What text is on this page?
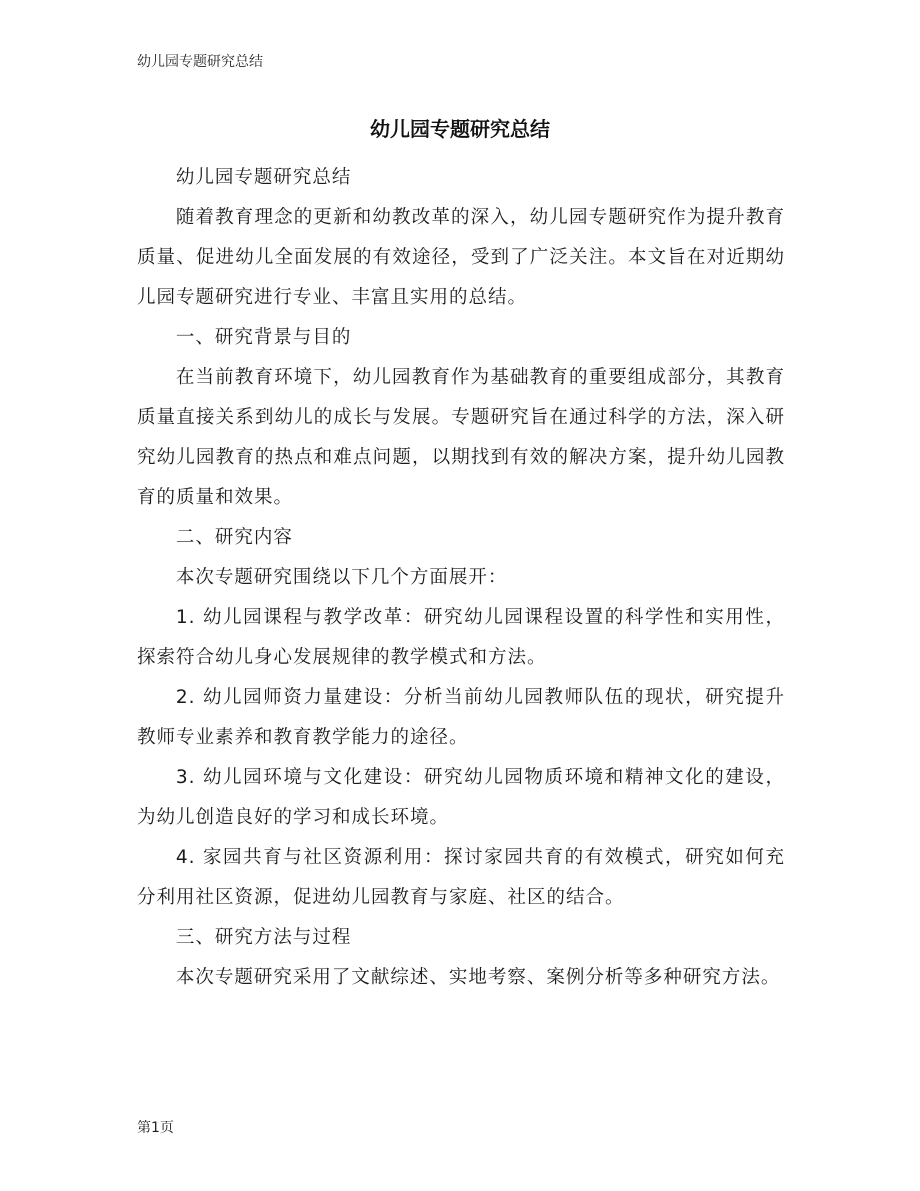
幼儿园专题研究总结
幼儿园专题研究总结

幼儿园专题研究总结

随着教育理念的更新和幼教改革的深入，幼儿园专题研究作为提升教育质量、促进幼儿全面发展的有效途径，受到了广泛关注。本文旨在对近期幼儿园专题研究进行专业、丰富且实用的总结。

一、研究背景与目的

在当前教育环境下，幼儿园教育作为基础教育的重要组成部分，其教育质量直接关系到幼儿的成长与发展。专题研究旨在通过科学的方法，深入研究幼儿园教育的热点和难点问题，以期找到有效的解决方案，提升幼儿园教育的质量和效果。

二、研究内容

本次专题研究围绕以下几个方面展开：

1. 幼儿园课程与教学改革：研究幼儿园课程设置的科学性和实用性，探索符合幼儿身心发展规律的教学模式和方法。

2. 幼儿园师资力量建设：分析当前幼儿园教师队伍的现状，研究提升教师专业素养和教育教学能力的途径。

3. 幼儿园环境与文化建设：研究幼儿园物质环境和精神文化的建设，为幼儿创造良好的学习和成长环境。

4. 家园共育与社区资源利用：探讨家园共育的有效模式，研究如何充分利用社区资源，促进幼儿园教育与家庭、社区的结合。

三、研究方法与过程

本次专题研究采用了文献综述、实地考察、案例分析等多种研究方法。

第1页
